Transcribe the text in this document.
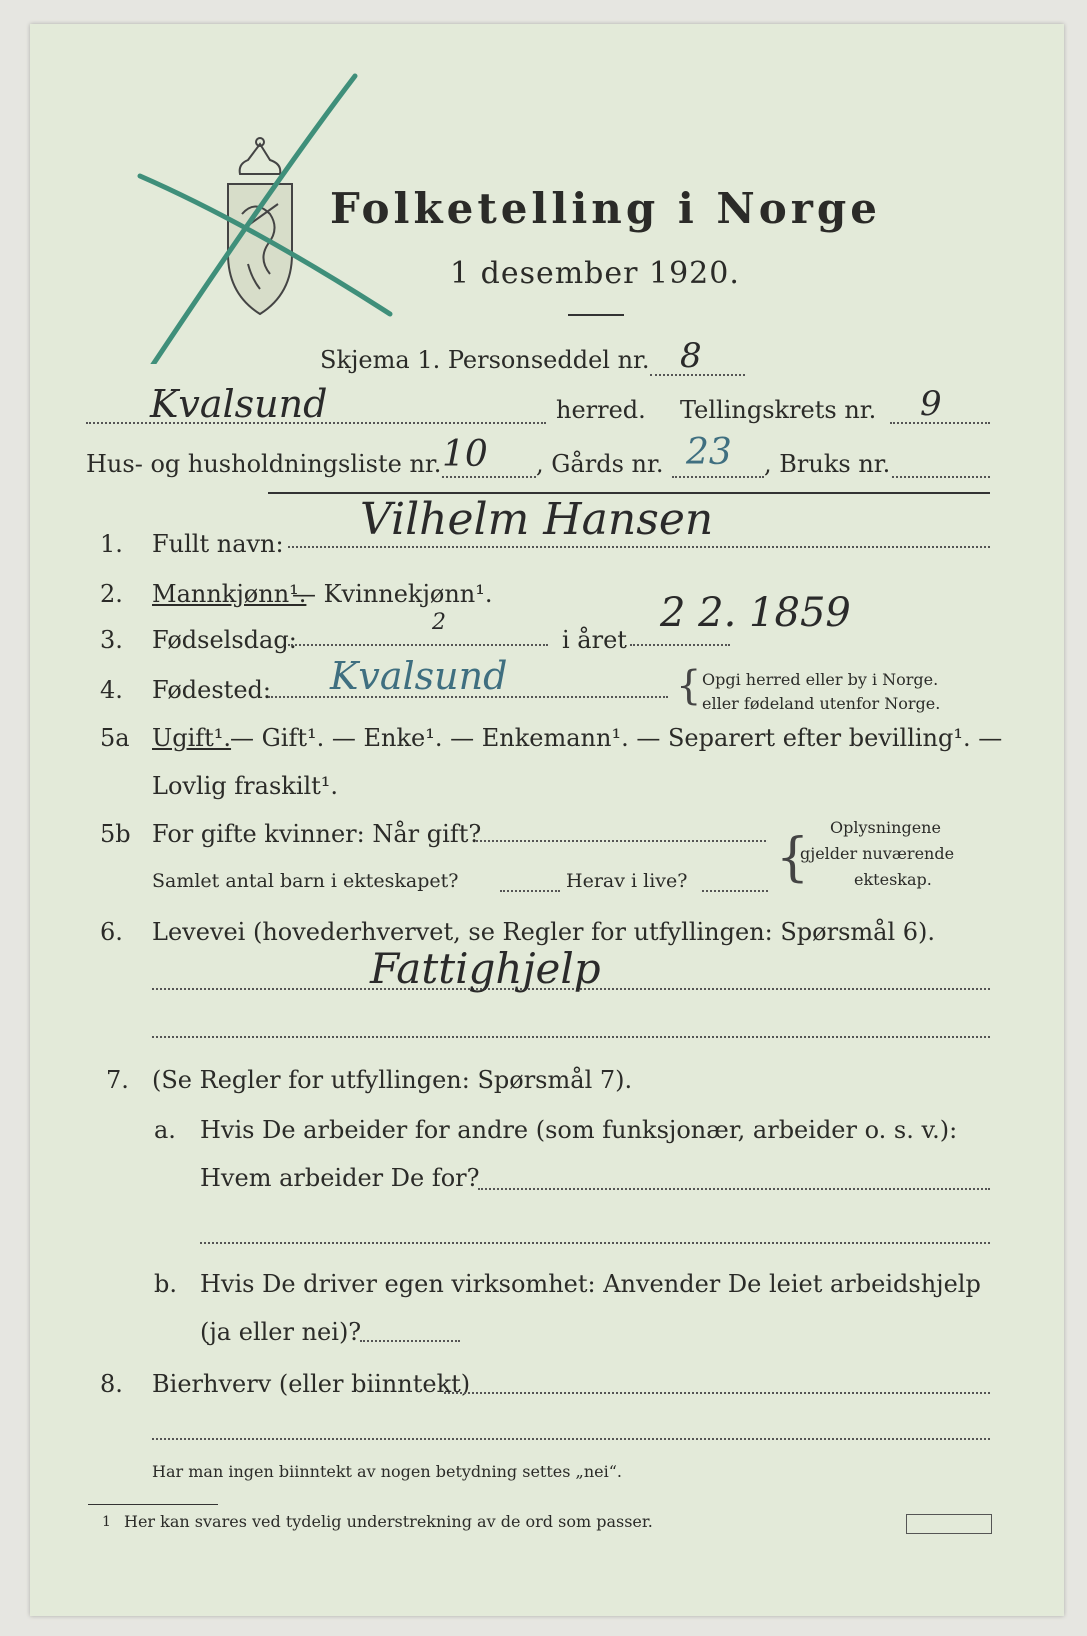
Folketelling i Norge
1 desember 1920.
Skjema 1. Personseddel nr. 8
Kvalsund	herred. Tellingskrets nr. 9
Hus- og husholdningsliste nr. 10 , Gårds nr. 23 , Bruks nr.
1. Fullt navn: Vilhelm Hansen
2. Mannkjønn¹.
— Kvinnekjønn¹.
3. Fødselsdag:
2
i året
2 2. 1859
4. Fødested: Kvalsund	{ Opgi herred eller by i Norge.
eller fødeland utenfor Norge.
5a Ugift¹.
— Gift¹. — Enke¹. — Enkemann¹. — Separert efter bevilling¹. —
Lovlig fraskilt¹.
5b For gifte kvinner: Når gift?
Samlet antal barn i ekteskapet?	Herav i live? {
Oplysningene
gjelder nuværende
ekteskap.
6. Levevei (hovederhvervet, se Regler for utfyllingen: Spørsmål 6).
Fattighjelp
7. (Se Regler for utfyllingen: Spørsmål 7).
a. Hvis De arbeider for andre (som funksjonær, arbeider o. s. v.):
Hvem arbeider De for?
b. Hvis De driver egen virksomhet: Anvender De leiet arbeidshjelp
(ja eller nei)?
8. Bierhverv (eller biinntekt)
Har man ingen biinntekt av nogen betydning settes „nei“.
1 Her kan svares ved tydelig understrekning av de ord som passer.
